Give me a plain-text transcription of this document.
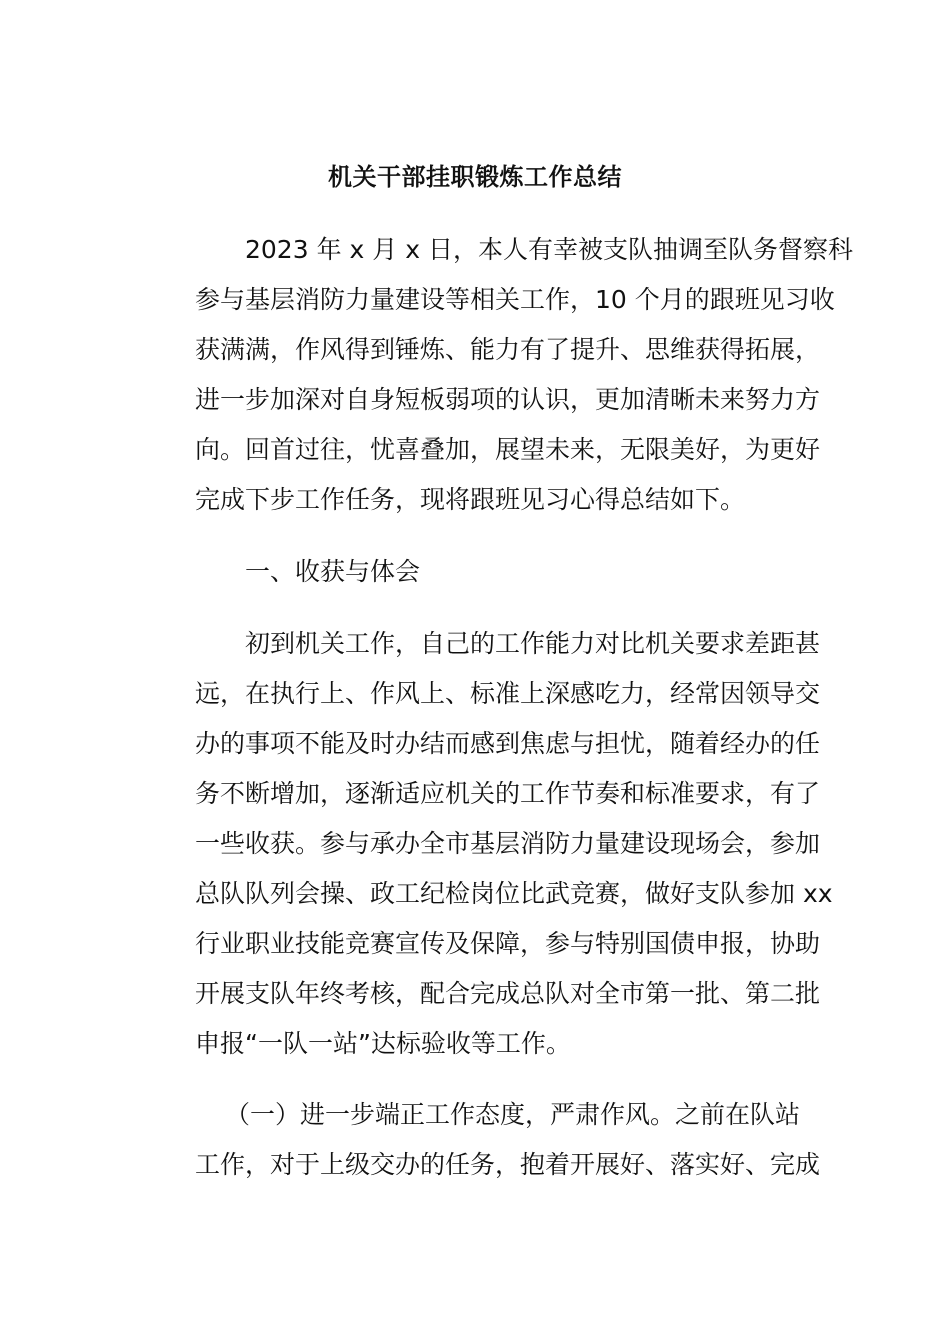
机关干部挂职锻炼工作总结
2023 年 x 月 x 日，本人有幸被支队抽调至队务督察科
参与基层消防力量建设等相关工作，10 个月的跟班见习收
获满满，作风得到锤炼、能力有了提升、思维获得拓展，
进一步加深对自身短板弱项的认识，更加清晰未来努力方
向。回首过往，忧喜叠加，展望未来，无限美好，为更好
完成下步工作任务，现将跟班见习心得总结如下。
一、收获与体会
初到机关工作，自己的工作能力对比机关要求差距甚
远，在执行上、作风上、标准上深感吃力，经常因领导交
办的事项不能及时办结而感到焦虑与担忧，随着经办的任
务不断增加，逐渐适应机关的工作节奏和标准要求，有了
一些收获。参与承办全市基层消防力量建设现场会，参加
总队队列会操、政工纪检岗位比武竞赛，做好支队参加 xx
行业职业技能竞赛宣传及保障，参与特别国债申报，协助
开展支队年终考核，配合完成总队对全市第一批、第二批
申报“一队一站”达标验收等工作。
（一）进一步端正工作态度，严肃作风。之前在队站
工作，对于上级交办的任务，抱着开展好、落实好、完成
